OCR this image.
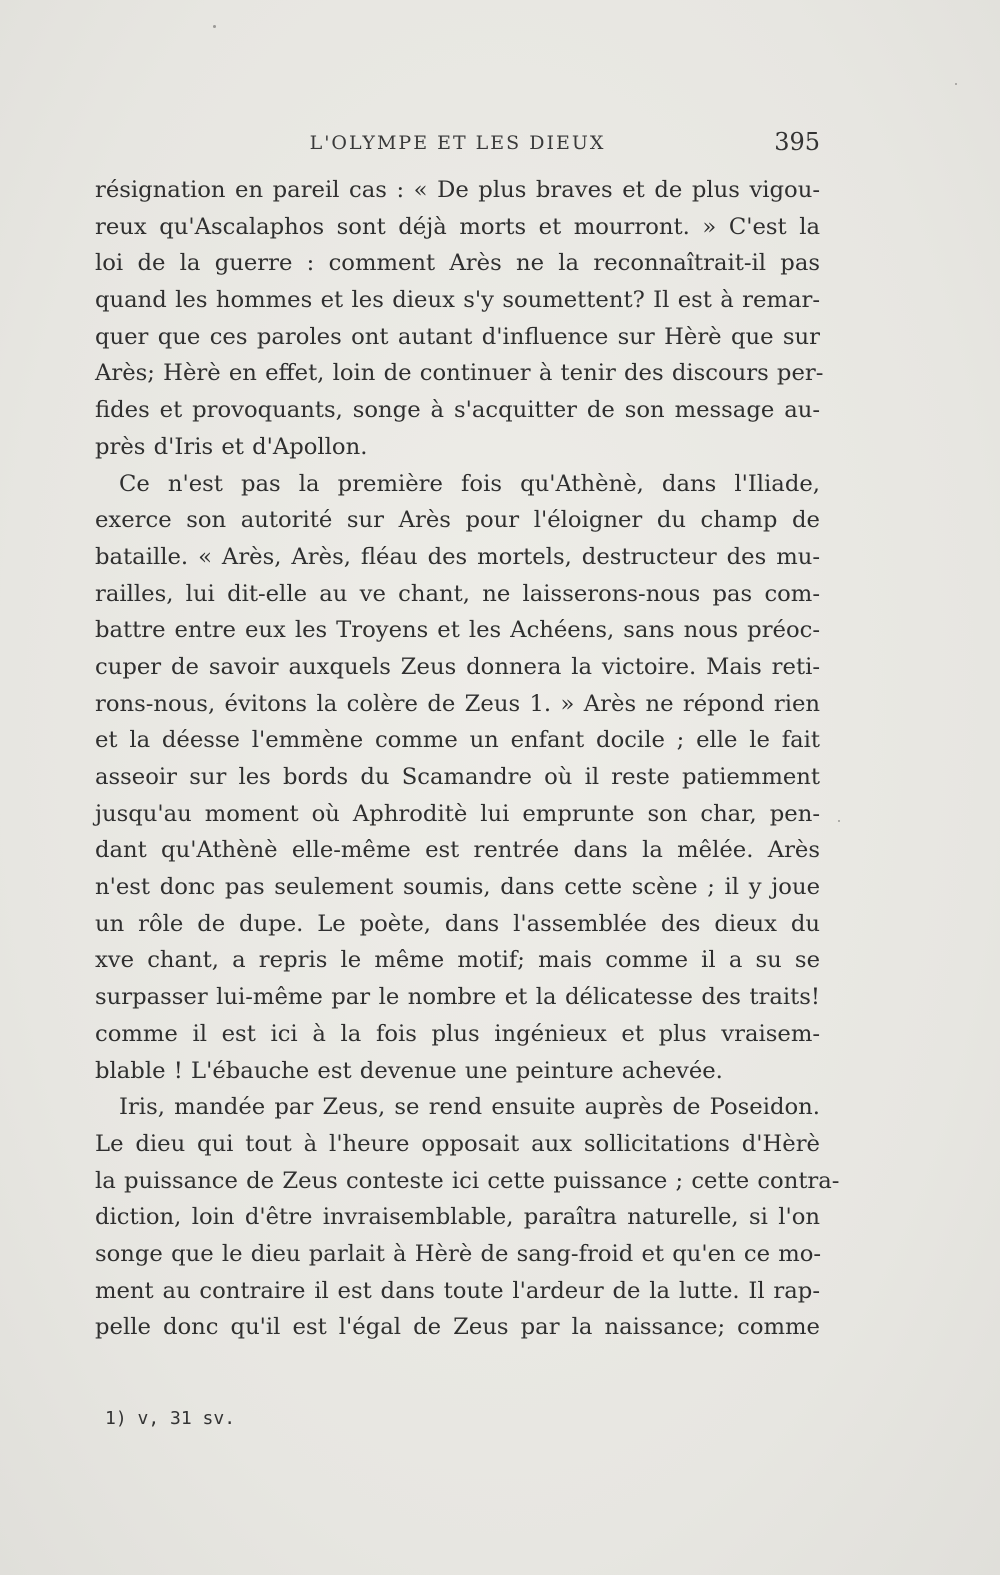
L'OLYMPE ET LES DIEUX	395
résignation en pareil cas : « De plus braves et de plus vigou-
reux qu'Ascalaphos sont déjà morts et mourront. » C'est la
loi de la guerre : comment Arès ne la reconnaîtrait-il pas
quand les hommes et les dieux s'y soumettent? Il est à remar-
quer que ces paroles ont autant d'influence sur Hèrè que sur
Arès; Hèrè en effet, loin de continuer à tenir des discours per-
fides et provoquants, songe à s'acquitter de son message au-
près d'Iris et d'Apollon.
Ce n'est pas la première fois qu'Athènè, dans l'Iliade,
exerce son autorité sur Arès pour l'éloigner du champ de
bataille. « Arès, Arès, fléau des mortels, destructeur des mu-
railles, lui dit-elle au ve chant, ne laisserons-nous pas com-
battre entre eux les Troyens et les Achéens, sans nous préoc-
cuper de savoir auxquels Zeus donnera la victoire. Mais reti-
rons-nous, évitons la colère de Zeus 1. » Arès ne répond rien
et la déesse l'emmène comme un enfant docile ; elle le fait
asseoir sur les bords du Scamandre où il reste patiemment
jusqu'au moment où Aphroditè lui emprunte son char, pen-
dant qu'Athènè elle-même est rentrée dans la mêlée. Arès
n'est donc pas seulement soumis, dans cette scène ; il y joue
un rôle de dupe. Le poète, dans l'assemblée des dieux du
xve chant, a repris le même motif; mais comme il a su se
surpasser lui-même par le nombre et la délicatesse des traits!
comme il est ici à la fois plus ingénieux et plus vraisem-
blable ! L'ébauche est devenue une peinture achevée.
Iris, mandée par Zeus, se rend ensuite auprès de Poseidon.
Le dieu qui tout à l'heure opposait aux sollicitations d'Hèrè
la puissance de Zeus conteste ici cette puissance ; cette contra-
diction, loin d'être invraisemblable, paraîtra naturelle, si l'on
songe que le dieu parlait à Hèrè de sang-froid et qu'en ce mo-
ment au contraire il est dans toute l'ardeur de la lutte. Il rap-
pelle donc qu'il est l'égal de Zeus par la naissance; comme
1) v, 31 sv.
